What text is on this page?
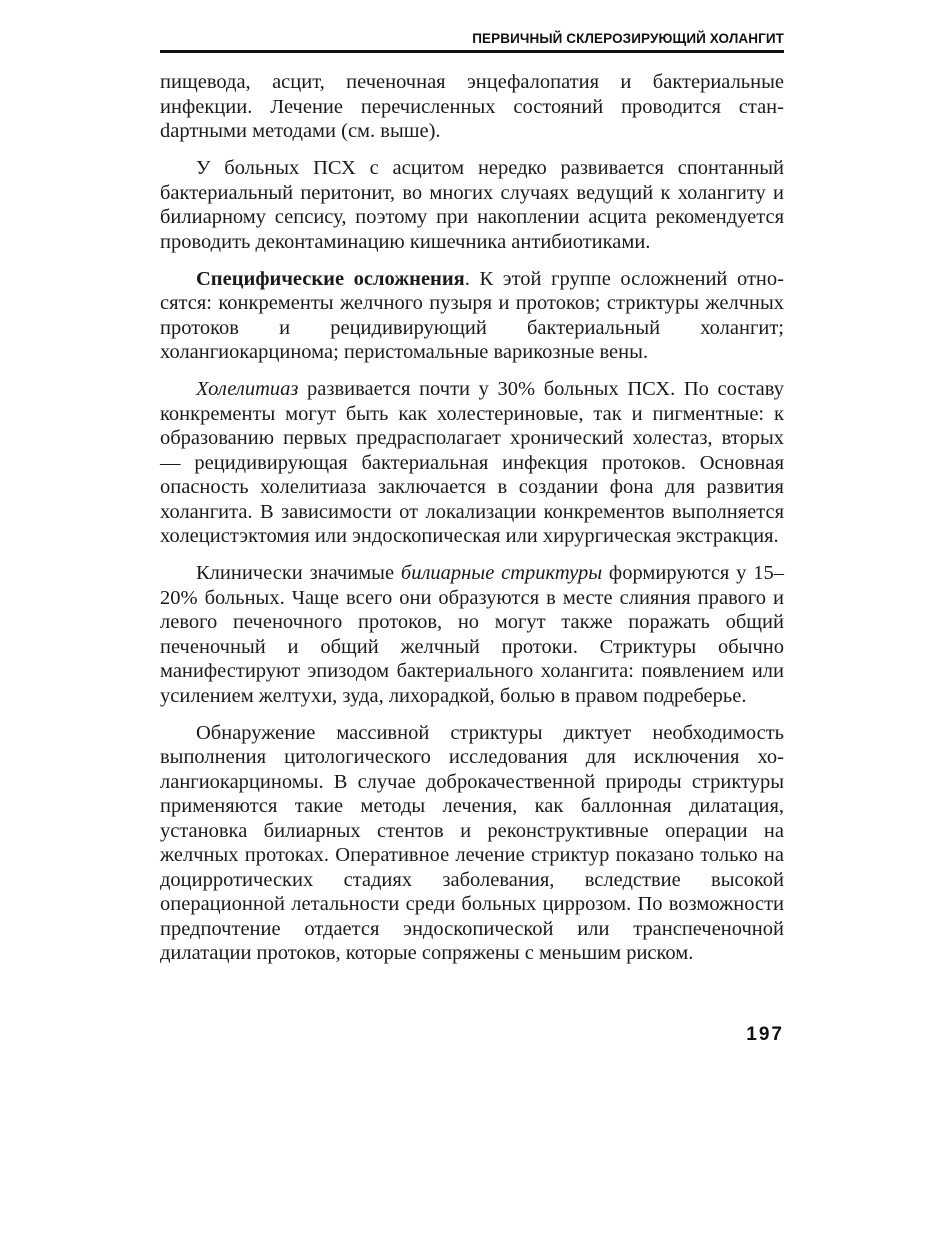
ПЕРВИЧНЫЙ СКЛЕРОЗИРУЮЩИЙ ХОЛАНГИТ

пищевода, асцит, печеночная энцефалопатия и бактериальные инфекции. Лечение перечисленных состояний проводится станdартными методами (см. выше).

У больных ПСХ с асцитом нередко развивается спонтанный бактериальный перитонит, во многих случаях ведущий к холангиту и билиарному сепсису, поэтому при накоплении асцита рекомендуется проводить деконтаминацию кишечника антибиотиками.

Специфические осложнения. К этой группе осложнений относятся: конкременты желчного пузыря и протоков; стриктуры желчных протоков и рецидивирующий бактериальный холангит; холангиокарцинома; перистомальные варикозные вены.

Холелитиаз развивается почти у 30% больных ПСХ. По составу конкременты могут быть как холестериновые, так и пигментные: к образованию первых предрасполагает хронический холестаз, вторых — рецидивирующая бактериальная инфекция протоков. Основная опасность холелитиаза заключается в создании фона для развития холангита. В зависимости от локализации конкрементов выполняется холецистэктомия или эндоскопическая или хирургическая экстракция.

Клинически значимые билиарные стриктуры формируются у 15–20% больных. Чаще всего они образуются в месте слияния правого и левого печеночного протоков, но могут также поражать общий печеночный и общий желчный протоки. Стриктуры обычно манифестируют эпизодом бактериального холангита: появлением или усилением желтухи, зуда, лихорадкой, болью в правом подреберье.

Обнаружение массивной стриктуры диктует необходимость выполнения цитологического исследования для исключения холангиокарциномы. В случае доброкачественной природы стриктуры применяются такие методы лечения, как баллонная дилатация, установка билиарных стентов и реконструктивные операции на желчных протоках. Оперативное лечение стриктур показано только на доцирротических стадиях заболевания, вследствие высокой операционной летальности среди больных циррозом. По возможности предпочтение отдается эндоскопической или транспеченочной дилатации протоков, которые сопряжены с меньшим риском.

197
